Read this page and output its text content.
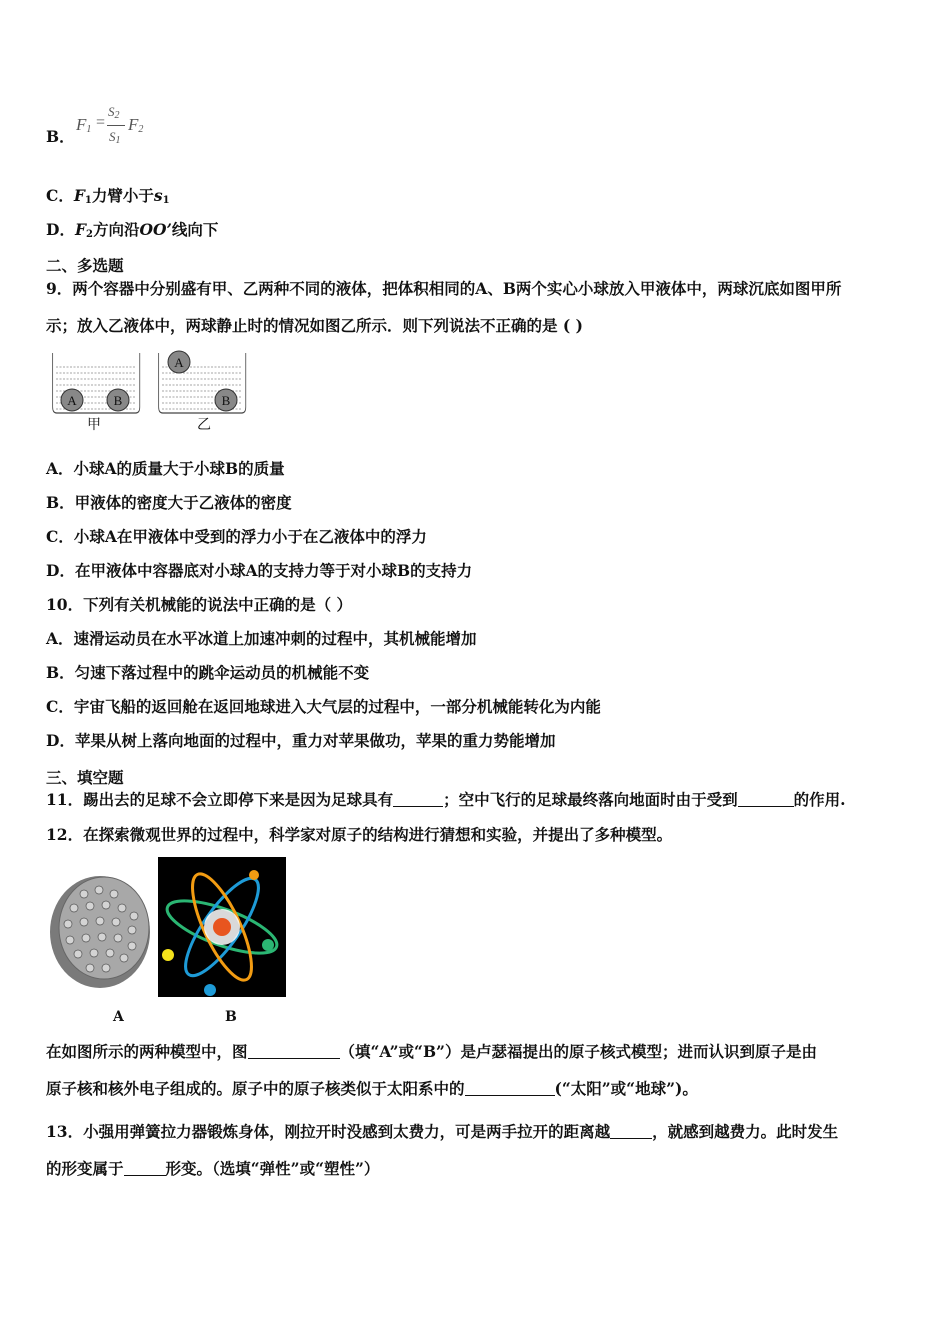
B．
$F_1$ =
$S_2$
$S_1$
$F_2$
C．$F_1$力臂小于$s_1$
D．$F_2$方向沿OO’线向下
二、多选题
9．两个容器中分别盛有甲、乙两种不同的液体，把体积相同的A、B两个实心小球放入甲液体中，两球沉底如图甲所
示；放入乙液体中，两球静止时的情况如图乙所示．则下列说法不正确的是 ( )
A	B
A
B
甲	乙
A．小球A的质量大于小球B的质量
B．甲液体的密度大于乙液体的密度
C．小球A在甲液体中受到的浮力小于在乙液体中的浮力
D．在甲液体中容器底对小球A的支持力等于对小球B的支持力
10．下列有关机械能的说法中正确的是（ ）
A．速滑运动员在水平冰道上加速冲刺的过程中，其机械能增加
B．匀速下落过程中的跳伞运动员的机械能不变
C．宇宙飞船的返回舱在返回地球进入大气层的过程中，一部分机械能转化为内能
D．苹果从树上落向地面的过程中，重力对苹果做功，苹果的重力势能增加
三、填空题
11．踢出去的足球不会立即停下来是因为足球具有	；空中飞行的足球最终落向地面时由于受到	的作用.
12．在探索微观世界的过程中，科学家对原子的结构进行猜想和实验，并提出了多种模型。
A	B
在如图所示的两种模型中，图	（填“A”或“B”）是卢瑟福提出的原子核式模型；进而认识到原子是由
原子核和核外电子组成的。原子中的原子核类似于太阳系中的	(“太阳”或“地球”)。
13．小强用弹簧拉力器锻炼身体，刚拉开时没感到太费力，可是两手拉开的距离越	，就感到越费力。此时发生
的形变属于	形变。（选填“弹性”或“塑性”）
